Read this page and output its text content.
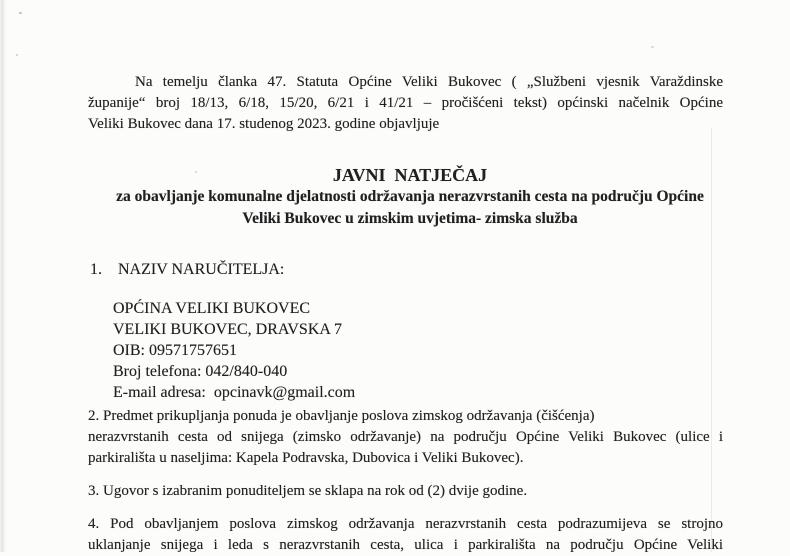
Na temelju članka 47. Statuta Općine Veliki Bukovec ( „Službeni vjesnik Varaždinske
županije“ broj 18/13, 6/18, 15/20, 6/21 i 41/21 – pročišćeni tekst) općinski načelnik Općine
Veliki Bukovec dana 17. studenog 2023. godine objavljuje
JAVNI  NATJEČAJ
za obavljanje komunalne djelatnosti održavanja nerazvrstanih cesta na području Općine
Veliki Bukovec u zimskim uvjetima- zimska služba
1.    NAZIV NARUČITELJA:
OPĆINA VELIKI BUKOVEC
VELIKI BUKOVEC, DRAVSKA 7
OIB: 09571757651
Broj telefona: 042/840-040
E-mail adresa:  opcinavk@gmail.com
2. Predmet prikupljanja ponuda je obavljanje poslova zimskog održavanja (čišćenja)
nerazvrstanih cesta od snijega (zimsko održavanje) na području Općine Veliki Bukovec (ulice i
parkirališta u naseljima: Kapela Podravska, Dubovica i Veliki Bukovec).
3. Ugovor s izabranim ponuditeljem se sklapa na rok od (2) dvije godine.
4. Pod obavljanjem poslova zimskog održavanja nerazvrstanih cesta podrazumijeva se strojno
uklanjanje snijega i leda s nerazvrstanih cesta, ulica i parkirališta na području Općine Veliki
